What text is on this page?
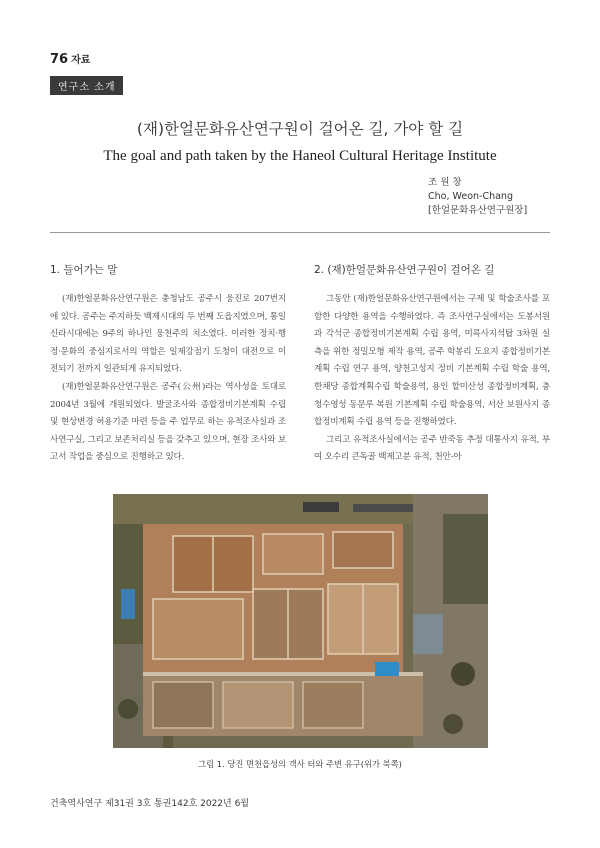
76 자료
연구소 소개
(재)한얼문화유산연구원이 걸어온 길, 가야 할 길
The goal and path taken by the Haneol Cultural Heritage Institute
조 원 창
Cho, Weon-Chang
[한얼문화유산연구원장]
1. 들어가는 말

(재)한얼문화유산연구원은 충청남도 공주시 웅진로 207번지에 있다. 공주는 주지하듯 백제시대의 두 번째 도읍지였으며, 통일신라시대에는 9주의 하나인 웅천주의 치소였다. 이러한 정치·행정·문화의 중심지로서의 역할은 일제강점기 도청이 대전으로 이전되기 전까지 일관되게 유지되었다.

(재)한얼문화유산연구원은 공주(公州)라는 역사성을 토대로 2004년 3월에 개원되었다. 발굴조사와 종합정비기본계획 수립 및 현상변경 허용기준 마련 등을 주 업무로 하는 유적조사실과 조사연구실, 그리고 보존처리실 등을 갖추고 있으며, 현장 조사와 보고서 작업을 중심으로 진행하고 있다.

2. (재)한얼문화유산연구원이 걸어온 길

그동안 (재)한얼문화유산연구원에서는 구제 및 학술조사를 포함한 다양한 용역을 수행하였다. 즉 조사연구실에서는 도봉서원과 각석군 종합정비기본계획 수립 용역, 미륵사지석탑 3차원 실측을 위한 정밀모형 제작 용역, 공주 학봉리 도요지 종합정비기본계획 수립 연구 용역, 양천고성지 정비 기본계획 수립 학술 용역, 한채당 종합계획수립 학술용역, 용인 할미산성 종합정비계획, 충청수영성 동문루 복원 기본계획 수립 학술용역, 서산 보원사지 종합정비계획 수립 용역 등을 진행하였다.

그리고 유적조사실에서는 공주 반죽동 추정 대통사지 유적, 부여 오수리 큰독골 백제고분 유적, 천안-아

그림 1. 당진 면천읍성의 객사 터와 주변 유구(위가 북쪽)
건축역사연구 제31권 3호 통권142호 2022년 6월
